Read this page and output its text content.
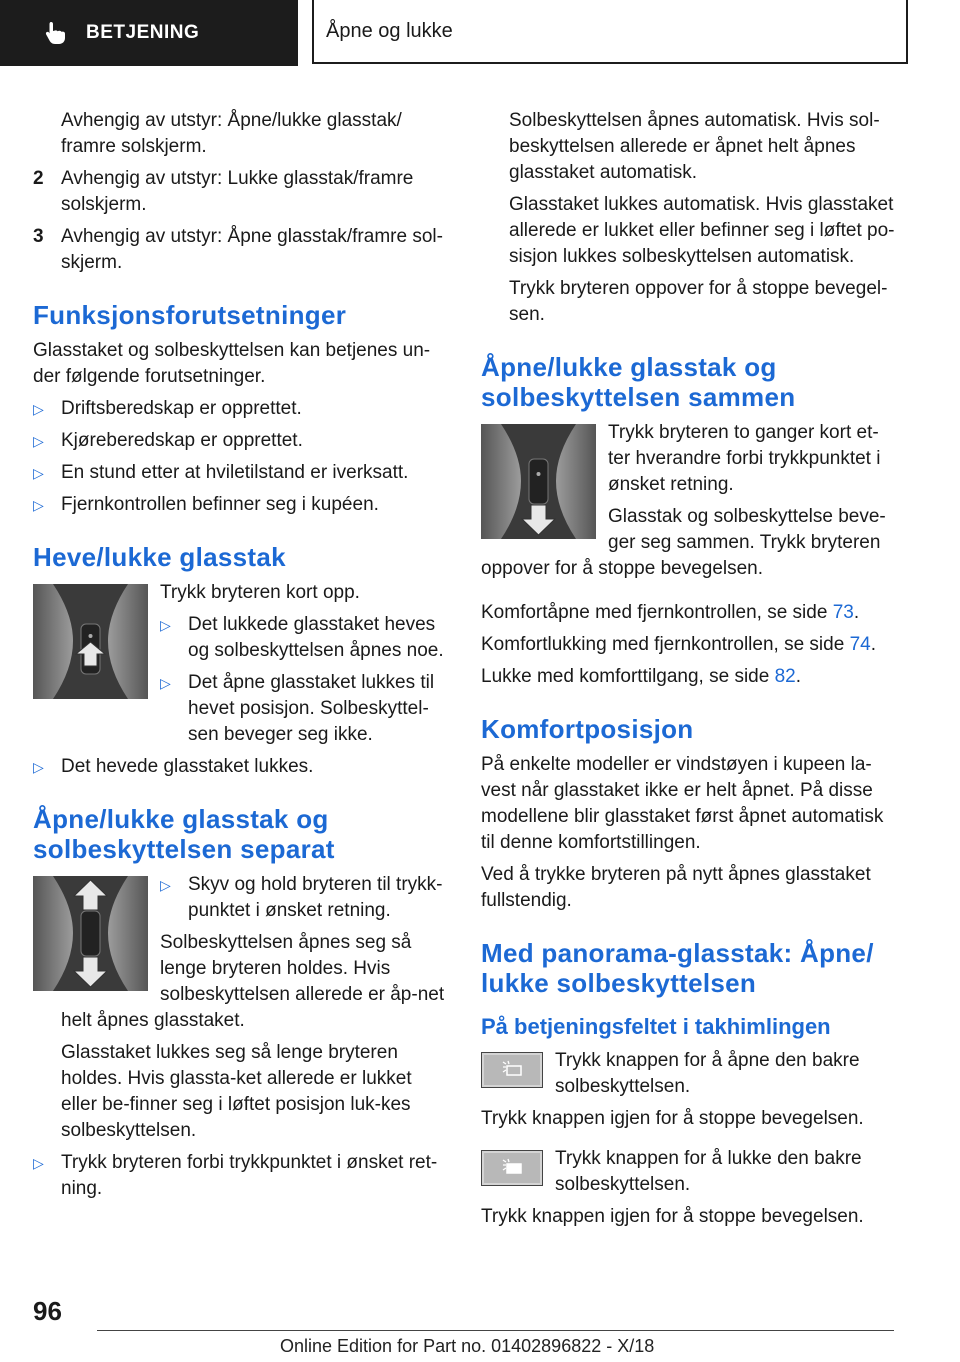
BETJENING	Åpne og lukke

Avhengig av utstyr: Åpne/lukke glasstak/ framre solskjerm.

2 Avhengig av utstyr: Lukke glasstak/framre solskjerm.
3 Avhengig av utstyr: Åpne glasstak/framre sol-skjerm.
Funksjonsforutsetninger

Glasstaket og solbeskyttelsen kan betjenes un-der følgende forutsetninger.

▷ Driftsberedskap er opprettet.
▷ Kjøreberedskap er opprettet.
▷ En stund etter at hviletilstand er iverksatt.
▷ Fjernkontrollen befinner seg i kupéen.
Heve/lukke glasstak

Trykk bryteren kort opp.

▷ Det lukkede glasstaket heves og solbeskyttelsen åpnes noe.
▷ Det åpne glasstaket lukkes til hevet posisjon. Solbeskyttel-sen beveger seg ikke.
▷ Det hevede glasstaket lukkes.
Åpne/lukke glasstak og solbeskyttelsen separat
▷ Skyv og hold bryteren til trykk-punktet i ønsket retning.

Solbeskyttelsen åpnes seg så lenge bryteren holdes. Hvis solbeskyttelsen allerede er åp-net helt åpnes glasstaket.

Glasstaket lukkes seg så lenge bryteren holdes. Hvis glassta-ket allerede er lukket eller be-finner seg i løftet posisjon luk-kes solbeskyttelsen.

▷ Trykk bryteren forbi trykkpunktet i ønsket ret-ning.

Solbeskyttelsen åpnes automatisk. Hvis sol-beskyttelsen allerede er åpnet helt åpnes glasstaket automatisk.

Glasstaket lukkes automatisk. Hvis glasstaket allerede er lukket eller befinner seg i løftet po-sisjon lukkes solbeskyttelsen automatisk.

Trykk bryteren oppover for å stoppe bevegel-sen.

Åpne/lukke glasstak og solbeskyttelsen sammen

Trykk bryteren to ganger kort et-ter hverandre forbi trykkpunktet i ønsket retning.

Glasstak og solbeskyttelse beve-ger seg sammen. Trykk bryteren oppover for å stoppe bevegelsen.

Komfortåpne med fjernkontrollen, se side 73.

Komfortlukking med fjernkontrollen, se side 74.

Lukke med komforttilgang, se side 82.

Komfortposisjon

På enkelte modeller er vindstøyen i kupeen la-vest når glasstaket ikke er helt åpnet. På disse modellene blir glasstaket først åpnet automatisk til denne komfortstillingen.

Ved å trykke bryteren på nytt åpnes glasstaket fullstendig.

Med panorama-glasstak: Åpne/ lukke solbeskyttelsen
På betjeningsfeltet i takhimlingen

Trykk knappen for å åpne den bakre solbeskyttelsen.

Trykk knappen igjen for å stoppe bevegelsen.

Trykk knappen for å lukke den bakre solbeskyttelsen.

Trykk knappen igjen for å stoppe bevegelsen.

96
Online Edition for Part no. 01402896822 - X/18
